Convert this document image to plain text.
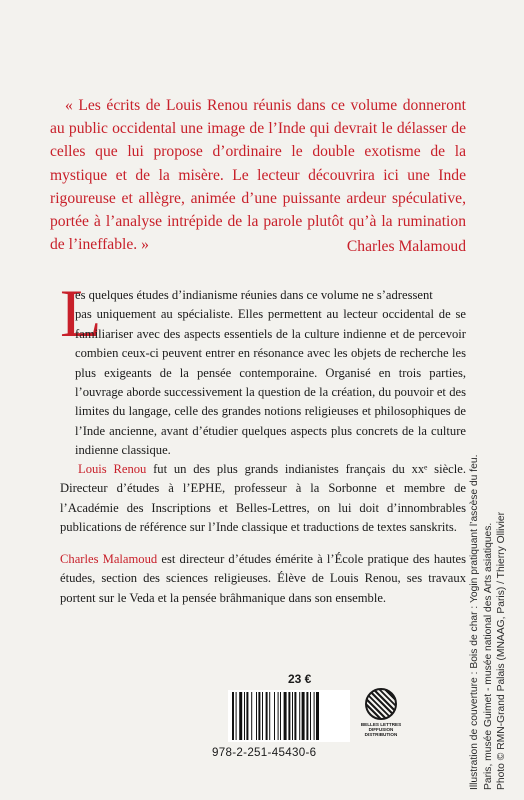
« Les écrits de Louis Renou réunis dans ce volume donneront au public occidental une image de l’Inde qui devrait le délasser de celles que lui propose d’ordinaire le double exotisme de la mystique et de la misère. Le lecteur découvrira ici une Inde rigoureuse et allègre, animée d’une puissante ardeur spéculative, portée à l’analyse intrépide de la parole plutôt qu’à la rumination de l’ineffable. »	Charles Malamoud

L

es quelques études d’indianisme réunies dans ce volume ne s’adressent

pas uniquement au spécialiste. Elles permettent au lecteur occidental de se familiariser avec des aspects essentiels de la culture indienne et de percevoir combien ceux-ci peuvent entrer en résonance avec les objets de recherche les plus exigeants de la pensée contemporaine. Organisé en trois parties, l’ouvrage aborde successivement la question de la création, du pouvoir et des limites du langage, celle des grandes notions religieuses et philosophiques de l’Inde ancienne, avant d’étudier quelques aspects plus concrets de la culture indienne classique.

Louis Renou fut un des plus grands indianistes français du xxᵉ siècle. Directeur d’études à l’EPHE, professeur à la Sorbonne et membre de l’Académie des Inscriptions et Belles-Lettres, on lui doit d’innombrables publications de référence sur l’Inde classique et traductions de textes sanskrits.

Charles Malamoud est directeur d’études émérite à l’École pratique des hautes études, section des sciences religieuses. Élève de Louis Renou, ses travaux portent sur le Veda et la pensée brâhmanique dans son ensemble.

23 €
978-2-251-45430-6
BELLES LETTRES
DIFFUSION
DISTRIBUTION	Illustration de couverture : Bois de char : Yogin pratiquant l’ascèse du feu. Paris, musée Guimet - musée national des Arts asiatiques. Photo © RMN-Grand Palais (MNAAG, Paris) / Thierry Ollivier
